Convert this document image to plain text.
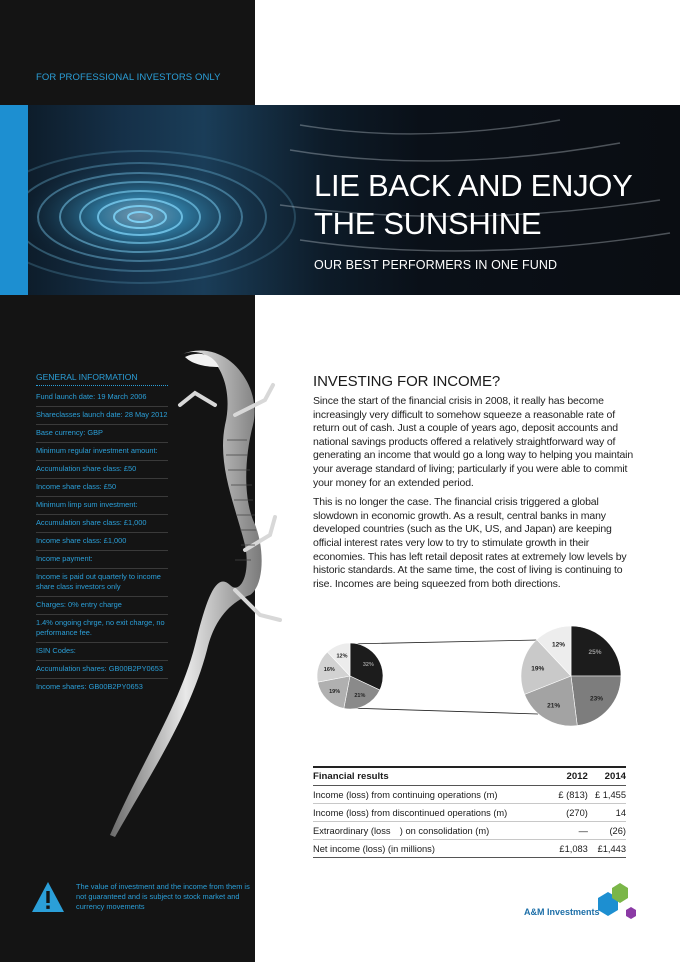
FOR PROFESSIONAL INVESTORS ONLY
LIE BACK AND ENJOY
THE SUNSHINE
OUR BEST PERFORMERS IN ONE FUND
GENERAL INFORMATION
Fund launch date: 19 March 2006
Shareclasses launch date: 28 May 2012
Base currency: GBP
Minimum regular investment amount:
Accumulation share class: £50
Income share class: £50
Minimum limp sum investment:
Accumulation share class: £1,000
Income share class: £1,000
Income payment:
Income is paid out quarterly to income share class investors only
Charges: 0% entry charge
1.4% ongoing chrge, no exit charge, no performance fee.
ISIN Codes:
Accumulation shares: GB00B2PY0653
Income shares: GB00B2PY0653
INVESTING FOR INCOME?

Since the start of the financial crisis in 2008, it really has become increasingly very difficult to somehow squeeze a reasonable rate of return out of cash. Just a couple of years ago, deposit accounts and national savings products offered a relatively straightforward way of generating an income that would go a long way to helping you maintain your average standard of living; particularly if you were able to commit your money for an extended period.

This is no longer the case. The financial crisis triggered a global slowdown in economic growth. As a result, central banks in many developed countries (such as the UK, US, and Japan) are keeping official interest rates very low to try to stimulate growth in their economies. This has left retail deposit rates at extremely low levels by historic standards. At the same time, the cost of living is continuing to rise. Incomes are being squeezed from both directions.

32%
21%
19%
16%
12%
25%
23%
21%
19%
12%
Financial results	2012	2014
Income (loss) from continuing operations (m)	£ (813)	£ 1,455
Income (loss) from discontinued operations (m)	(270)	14
Extraordinary (loss ) on consolidation (m)	—	(26)
Net income (loss) (in millions)	£1,083	£1,443
The value of investment and the income from them is not guaranteed and is subject to stock market and currency movements
A&M Investments
